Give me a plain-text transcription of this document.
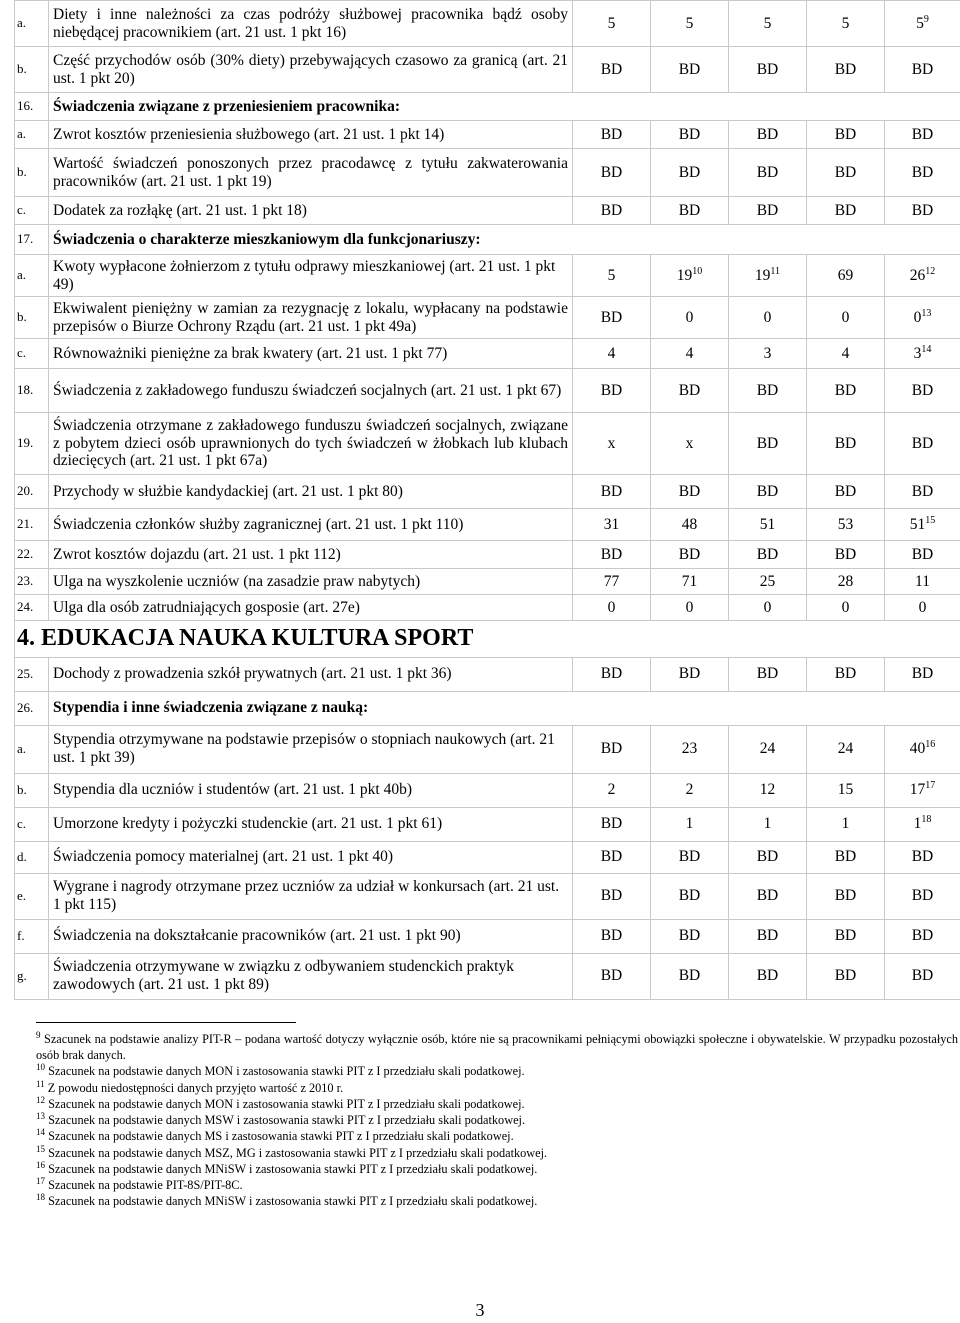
a.	Diety i inne należności za czas podróży służbowej pracownika bądź osoby niebędącej pracownikiem (art. 21 ust. 1 pkt 16)	5	5	5	5	$5^9$
b.	Część przychodów osób (30% diety) przebywających czasowo za granicą (art. 21 ust. 1 pkt 20)	BD	BD	BD	BD	BD
16.	Świadczenia związane z przeniesieniem pracownika:					
a.	Zwrot kosztów przeniesienia służbowego (art. 21 ust. 1 pkt 14)	BD	BD	BD	BD	BD
b.	Wartość świadczeń ponoszonych przez pracodawcę z tytułu zakwaterowania pracowników (art. 21 ust. 1 pkt 19)	BD	BD	BD	BD	BD
c.	Dodatek za rozłąkę (art. 21 ust. 1 pkt 18)	BD	BD	BD	BD	BD
17.	Świadczenia o charakterze mieszkaniowym dla funkcjonariuszy:					
a.	Kwoty wypłacone żołnierzom z tytułu odprawy mieszkaniowej (art. 21 ust. 1 pkt 49)	5	$19^{10}$	$19^{11}$	69	$26^{12}$
b.	Ekwiwalent pieniężny w zamian za rezygnację z lokalu, wypłacany na podstawie przepisów o Biurze Ochrony Rządu (art. 21 ust. 1 pkt 49a)	BD	0	0	0	$0^{13}$
c.	Równoważniki pieniężne za brak kwatery (art. 21 ust. 1 pkt 77)	4	4	3	4	$3^{14}$
18.	Świadczenia z zakładowego funduszu świadczeń socjalnych (art. 21 ust. 1 pkt 67)	BD	BD	BD	BD	BD
19.	Świadczenia otrzymane z zakładowego funduszu świadczeń socjalnych, związane z pobytem dzieci osób uprawnionych do tych świadczeń w żłobkach lub klubach dziecięcych (art. 21 ust. 1 pkt 67a)	x	x	BD	BD	BD
20.	Przychody w służbie kandydackiej (art. 21 ust. 1 pkt 80)	BD	BD	BD	BD	BD
21.	Świadczenia członków służby zagranicznej (art. 21 ust. 1 pkt 110)	31	48	51	53	$51^{15}$
22.	Zwrot kosztów dojazdu (art. 21 ust. 1 pkt 112)	BD	BD	BD	BD	BD
23.	Ulga na wyszkolenie uczniów (na zasadzie praw nabytych)	77	71	25	28	11
24.	Ulga dla osób zatrudniających gosposie (art. 27e)	0	0	0	0	0
4. EDUKACJA NAUKA KULTURA SPORT						
25.	Dochody z prowadzenia szkół prywatnych (art. 21 ust. 1 pkt 36)	BD	BD	BD	BD	BD
26.	Stypendia i inne świadczenia związane z nauką:					
a.	Stypendia otrzymywane na podstawie przepisów o stopniach naukowych (art. 21 ust. 1 pkt 39)	BD	23	24	24	$40^{16}$
b.	Stypendia dla uczniów i studentów (art. 21 ust. 1 pkt 40b)	2	2	12	15	$17^{17}$
c.	Umorzone kredyty i pożyczki studenckie (art. 21 ust. 1 pkt 61)	BD	1	1	1	$1^{18}$
d.	Świadczenia pomocy materialnej (art. 21 ust. 1 pkt 40)	BD	BD	BD	BD	BD
e.	Wygrane i nagrody otrzymane przez uczniów za udział w konkursach (art. 21 ust. 1 pkt 115)	BD	BD	BD	BD	BD
f.	Świadczenia na dokształcanie pracowników (art. 21 ust. 1 pkt 90)	BD	BD	BD	BD	BD
g.	Świadczenia otrzymywane w związku z odbywaniem studenckich praktyk zawodowych (art. 21 ust. 1 pkt 89)	BD	BD	BD	BD	BD

$^9$ Szacunek na podstawie analizy PIT-R – podana wartość dotyczy wyłącznie osób, które nie są pracownikami pełniącymi obowiązki społeczne i obywatelskie. W przypadku pozostałych osób brak danych.

$^{10}$ Szacunek na podstawie danych MON i zastosowania stawki PIT z I przedziału skali podatkowej.

$^{11}$ Z powodu niedostępności danych przyjęto wartość z 2010 r.

$^{12}$ Szacunek na podstawie danych MON i zastosowania stawki PIT z I przedziału skali podatkowej.

$^{13}$ Szacunek na podstawie danych MSW i zastosowania stawki PIT z I przedziału skali podatkowej.

$^{14}$ Szacunek na podstawie danych MS i zastosowania stawki PIT z I przedziału skali podatkowej.

$^{15}$ Szacunek na podstawie danych MSZ, MG i zastosowania stawki PIT z I przedziału skali podatkowej.

$^{16}$ Szacunek na podstawie danych MNiSW i zastosowania stawki PIT z I przedziału skali podatkowej.

$^{17}$ Szacunek na podstawie PIT-8S/PIT-8C.

$^{18}$ Szacunek na podstawie danych MNiSW i zastosowania stawki PIT z I przedziału skali podatkowej.

3
